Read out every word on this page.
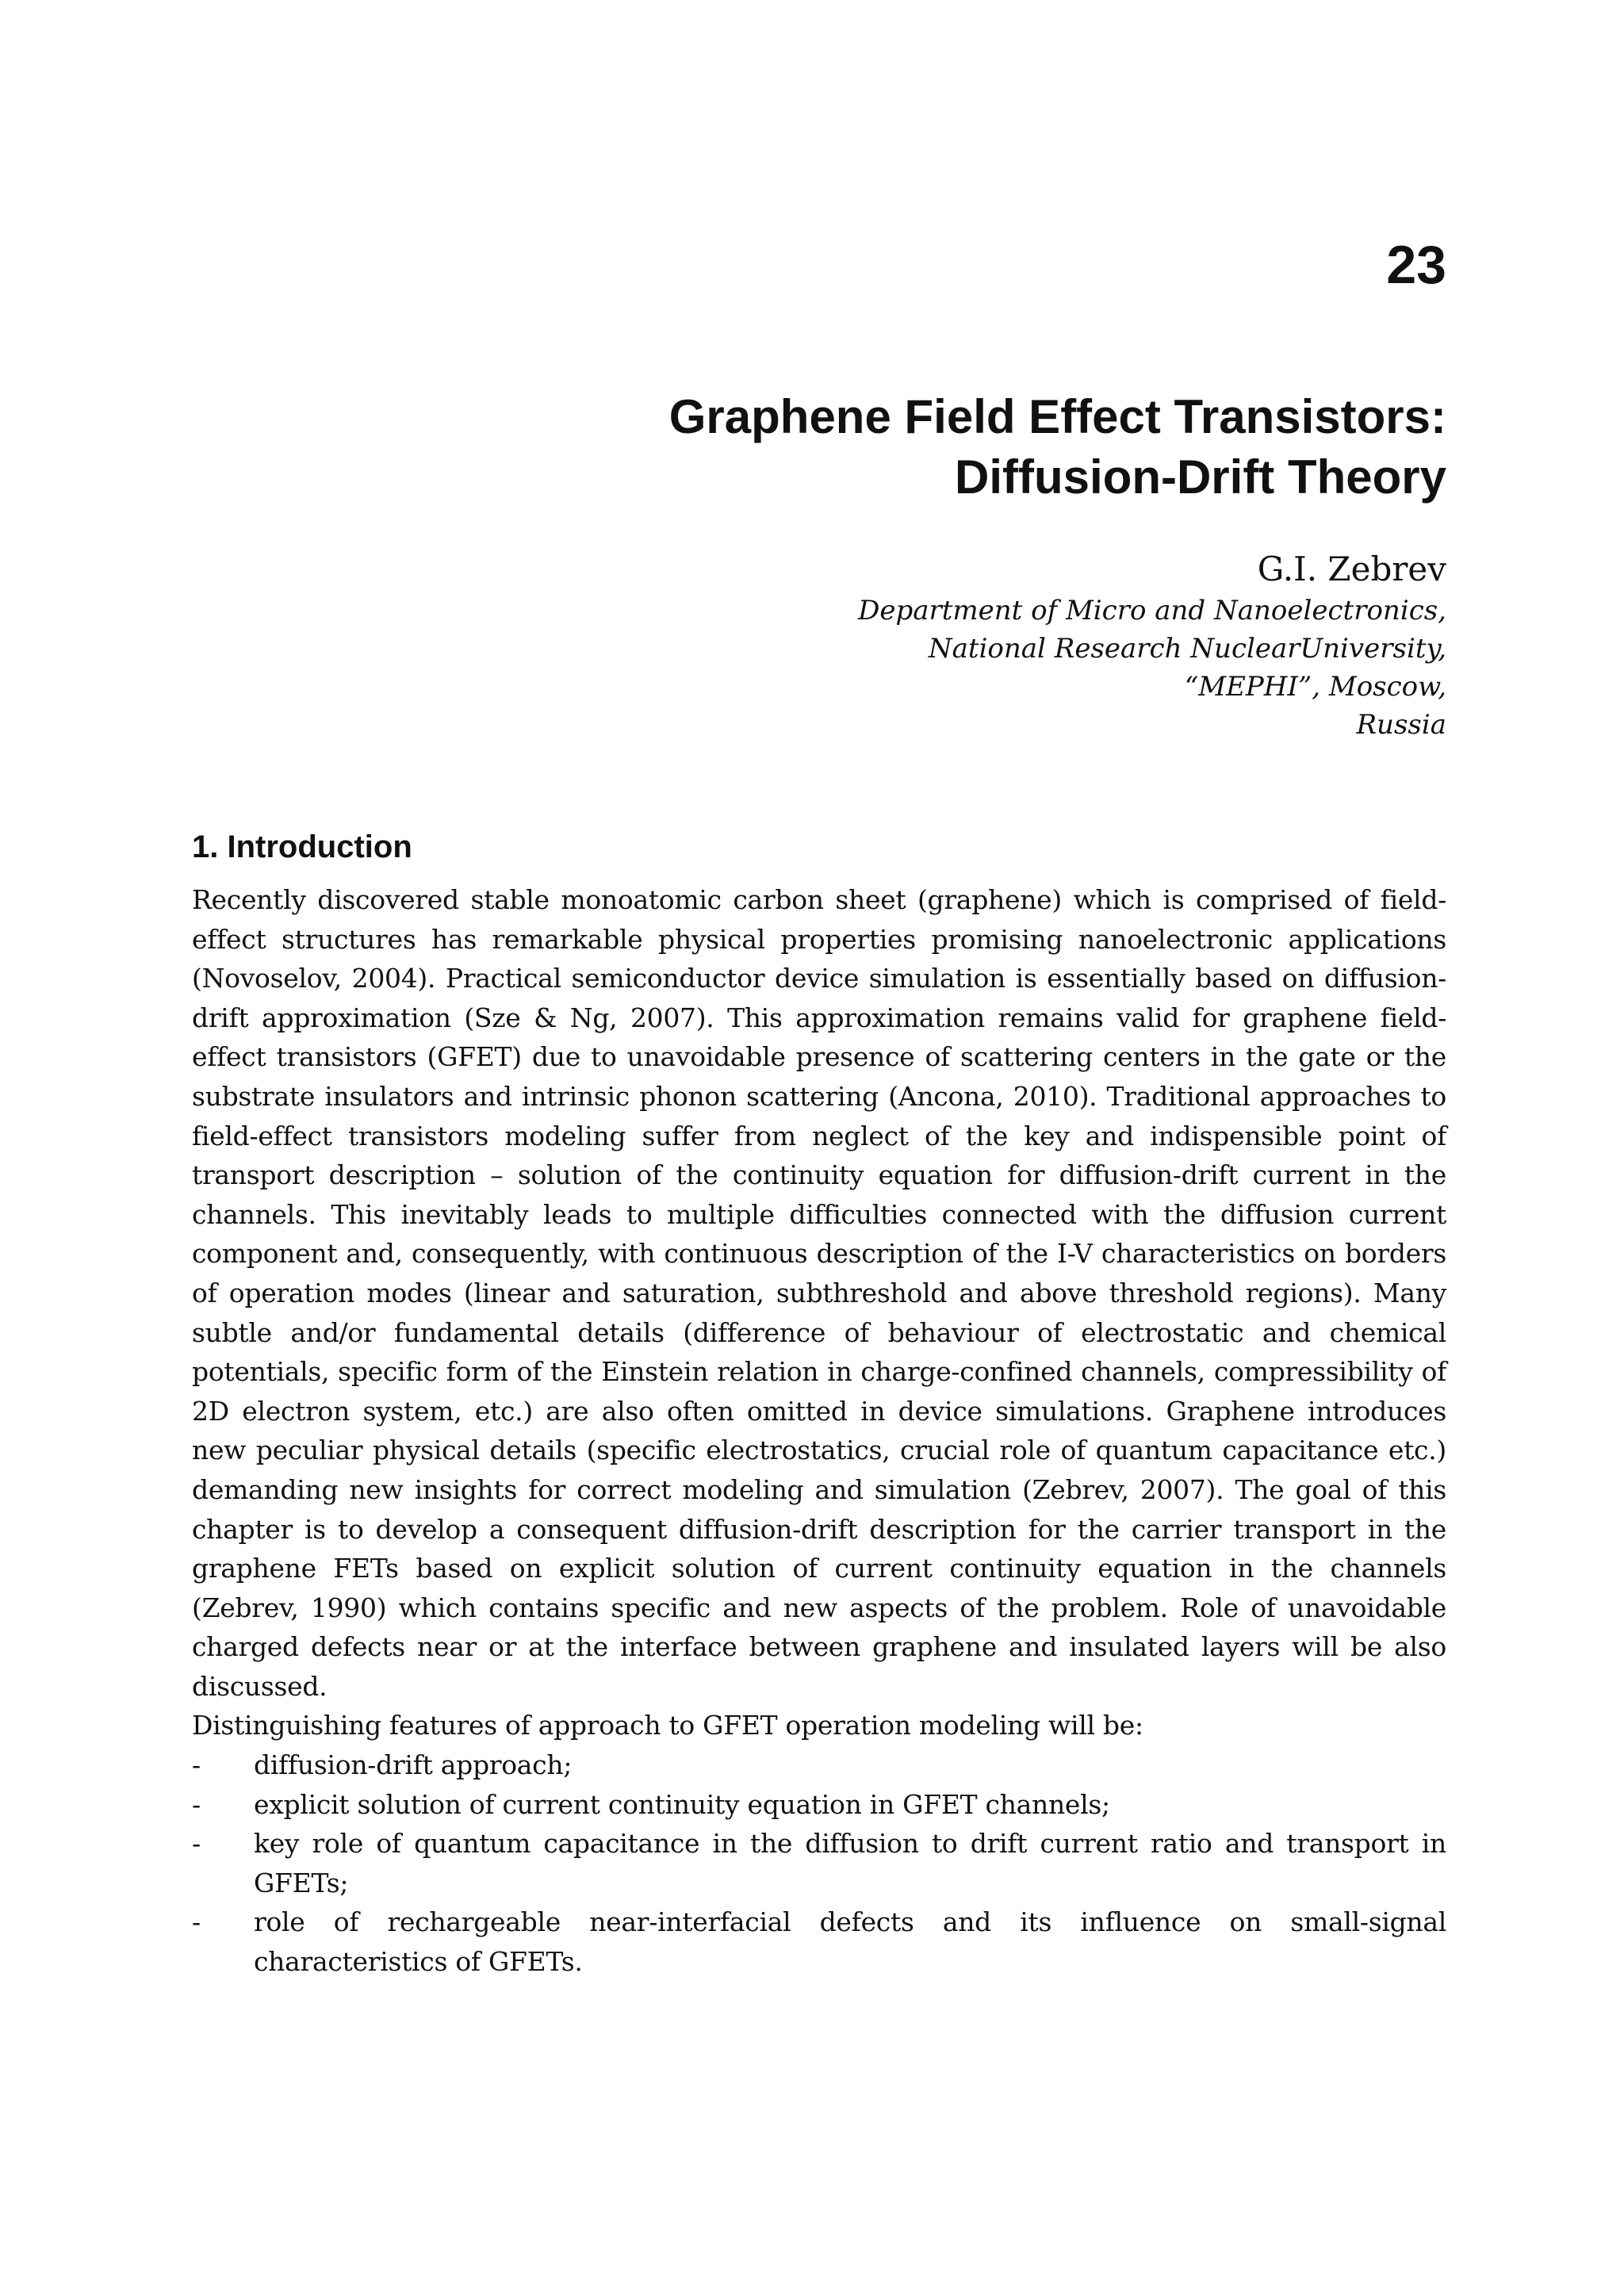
23
Graphene Field Effect Transistors:
Diffusion-Drift Theory
G.I. Zebrev
Department of Micro and Nanoelectronics,
National Research NuclearUniversity,
“MEPHI”, Moscow,
Russia
1. Introduction

Recently discovered stable monoatomic carbon sheet (graphene) which is comprised of field-effect structures has remarkable physical properties promising nanoelectronic applications (Novoselov, 2004). Practical semiconductor device simulation is essentially based on diffusion-drift approximation (Sze & Ng, 2007). This approximation remains valid for graphene field-effect transistors (GFET) due to unavoidable presence of scattering centers in the gate or the substrate insulators and intrinsic phonon scattering (Ancona, 2010). Traditional approaches to field-effect transistors modeling suffer from neglect of the key and indispensible point of transport description – solution of the continuity equation for diffusion-drift current in the channels. This inevitably leads to multiple difficulties connected with the diffusion current component and, consequently, with continuous description of the I-V characteristics on borders of operation modes (linear and saturation, subthreshold and above threshold regions). Many subtle and/or fundamental details (difference of behaviour of electrostatic and chemical potentials, specific form of the Einstein relation in charge-confined channels, compressibility of 2D electron system, etc.) are also often omitted in device simulations. Graphene introduces new peculiar physical details (specific electrostatics, crucial role of quantum capacitance etc.) demanding new insights for correct modeling and simulation (Zebrev, 2007). The goal of this chapter is to develop a consequent diffusion-drift description for the carrier transport in the graphene FETs based on explicit solution of current continuity equation in the channels (Zebrev, 1990) which contains specific and new aspects of the problem. Role of unavoidable charged defects near or at the interface between graphene and insulated layers will be also discussed.

Distinguishing features of approach to GFET operation modeling will be:

- diffusion-drift approach;
- explicit solution of current continuity equation in GFET channels;
- key role of quantum capacitance in the diffusion to drift current ratio and transport in GFETs;
- role of rechargeable near-interfacial defects and its influence on small-signal characteristics of GFETs.
